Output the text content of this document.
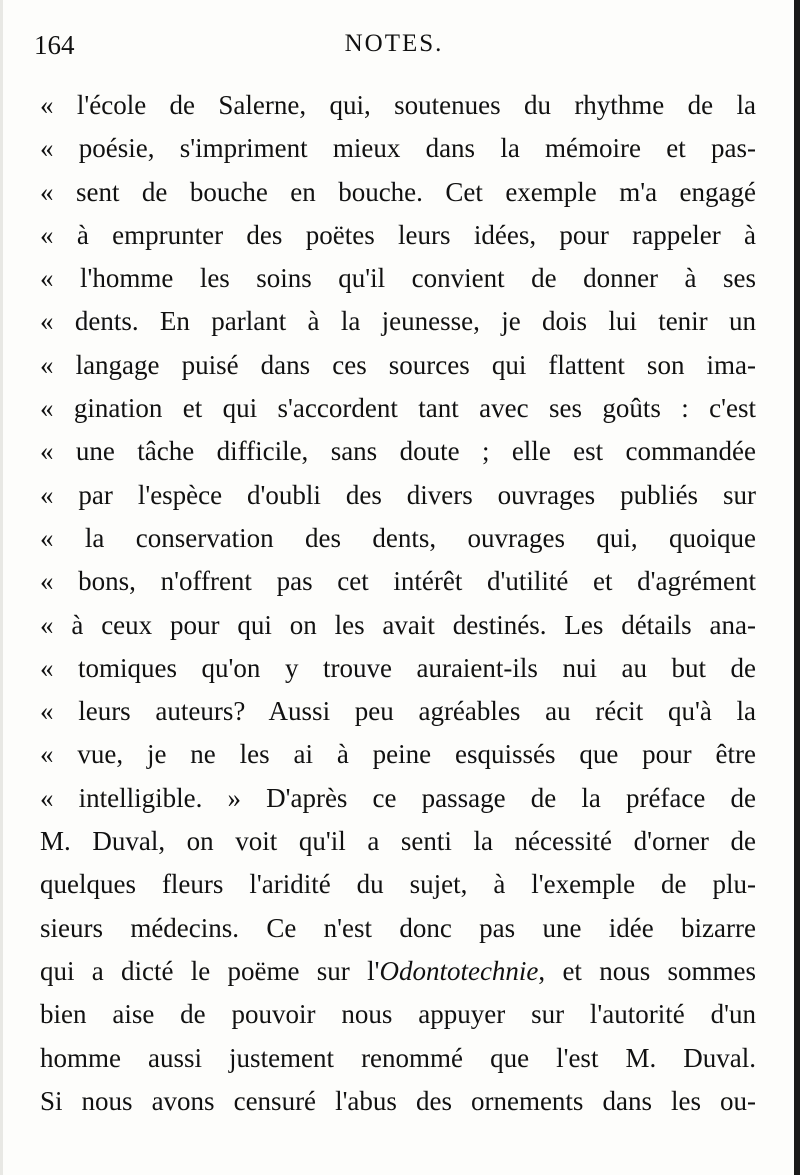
164	NOTES.
« l'école de Salerne, qui, soutenues du rhythme de la
« poésie, s'impriment mieux dans la mémoire et pas-
« sent de bouche en bouche. Cet exemple m'a engagé
« à emprunter des poëtes leurs idées, pour rappeler à
« l'homme les soins qu'il convient de donner à ses
« dents. En parlant à la jeunesse, je dois lui tenir un
« langage puisé dans ces sources qui flattent son ima-
« gination et qui s'accordent tant avec ses goûts : c'est
« une tâche difficile, sans doute ; elle est commandée
« par l'espèce d'oubli des divers ouvrages publiés sur
« la conservation des dents, ouvrages qui, quoique
« bons, n'offrent pas cet intérêt d'utilité et d'agrément
« à ceux pour qui on les avait destinés. Les détails ana-
« tomiques qu'on y trouve auraient-ils nui au but de
« leurs auteurs? Aussi peu agréables au récit qu'à la
« vue, je ne les ai à peine esquissés que pour être
« intelligible. » D'après ce passage de la préface de
M. Duval, on voit qu'il a senti la nécessité d'orner de
quelques fleurs l'aridité du sujet, à l'exemple de plu-
sieurs médecins. Ce n'est donc pas une idée bizarre
qui a dicté le poëme sur l'Odontotechnie, et nous sommes
bien aise de pouvoir nous appuyer sur l'autorité d'un
homme aussi justement renommé que l'est M. Duval.
Si nous avons censuré l'abus des ornements dans les ou-
